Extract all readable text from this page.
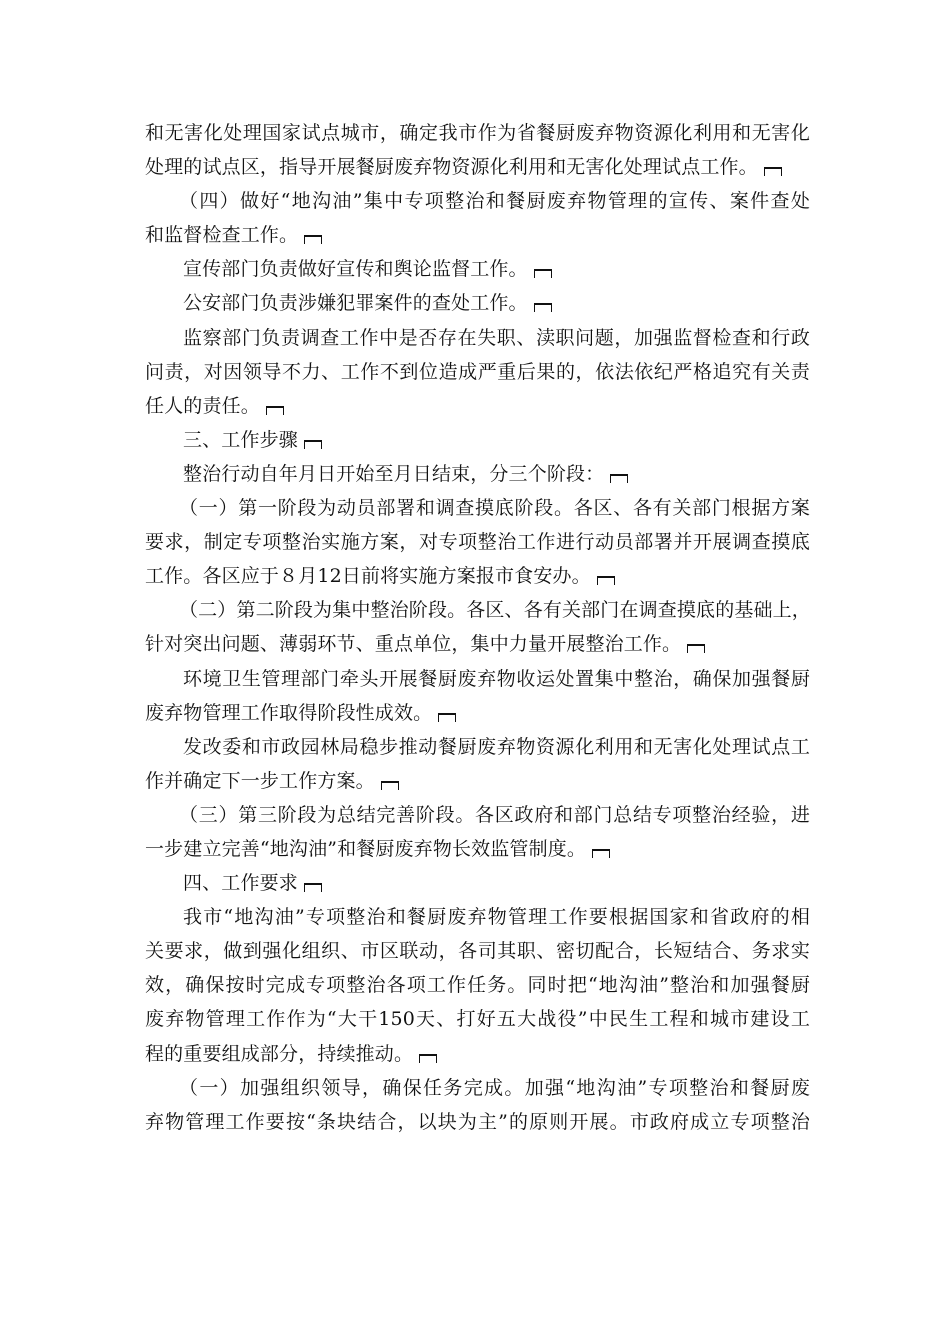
和无害化处理国家试点城市，确定我市作为省餐厨废弃物资源化利用和无害化
处理的试点区，指导开展餐厨废弃物资源化利用和无害化处理试点工作。
（四）做好“地沟油”集中专项整治和餐厨废弃物管理的宣传、案件查处
和监督检查工作。
宣传部门负责做好宣传和舆论监督工作。
公安部门负责涉嫌犯罪案件的查处工作。
监察部门负责调查工作中是否存在失职、渎职问题，加强监督检查和行政
问责，对因领导不力、工作不到位造成严重后果的，依法依纪严格追究有关责
任人的责任。
三、工作步骤
整治行动自年月日开始至月日结束，分三个阶段：
（一）第一阶段为动员部署和调查摸底阶段。各区、各有关部门根据方案
要求，制定专项整治实施方案，对专项整治工作进行动员部署并开展调查摸底
工作。各区应于８月12日前将实施方案报市食安办。
（二）第二阶段为集中整治阶段。各区、各有关部门在调查摸底的基础上，
针对突出问题、薄弱环节、重点单位，集中力量开展整治工作。
环境卫生管理部门牵头开展餐厨废弃物收运处置集中整治，确保加强餐厨
废弃物管理工作取得阶段性成效。
发改委和市政园林局稳步推动餐厨废弃物资源化利用和无害化处理试点工
作并确定下一步工作方案。
（三）第三阶段为总结完善阶段。各区政府和部门总结专项整治经验，进
一步建立完善“地沟油”和餐厨废弃物长效监管制度。
四、工作要求
我市“地沟油”专项整治和餐厨废弃物管理工作要根据国家和省政府的相
关要求，做到强化组织、市区联动，各司其职、密切配合，长短结合、务求实
效，确保按时完成专项整治各项工作任务。同时把“地沟油”整治和加强餐厨
废弃物管理工作作为“大干150天、打好五大战役”中民生工程和城市建设工
程的重要组成部分，持续推动。
（一）加强组织领导，确保任务完成。加强“地沟油”专项整治和餐厨废
弃物管理工作要按“条块结合，以块为主”的原则开展。市政府成立专项整治
